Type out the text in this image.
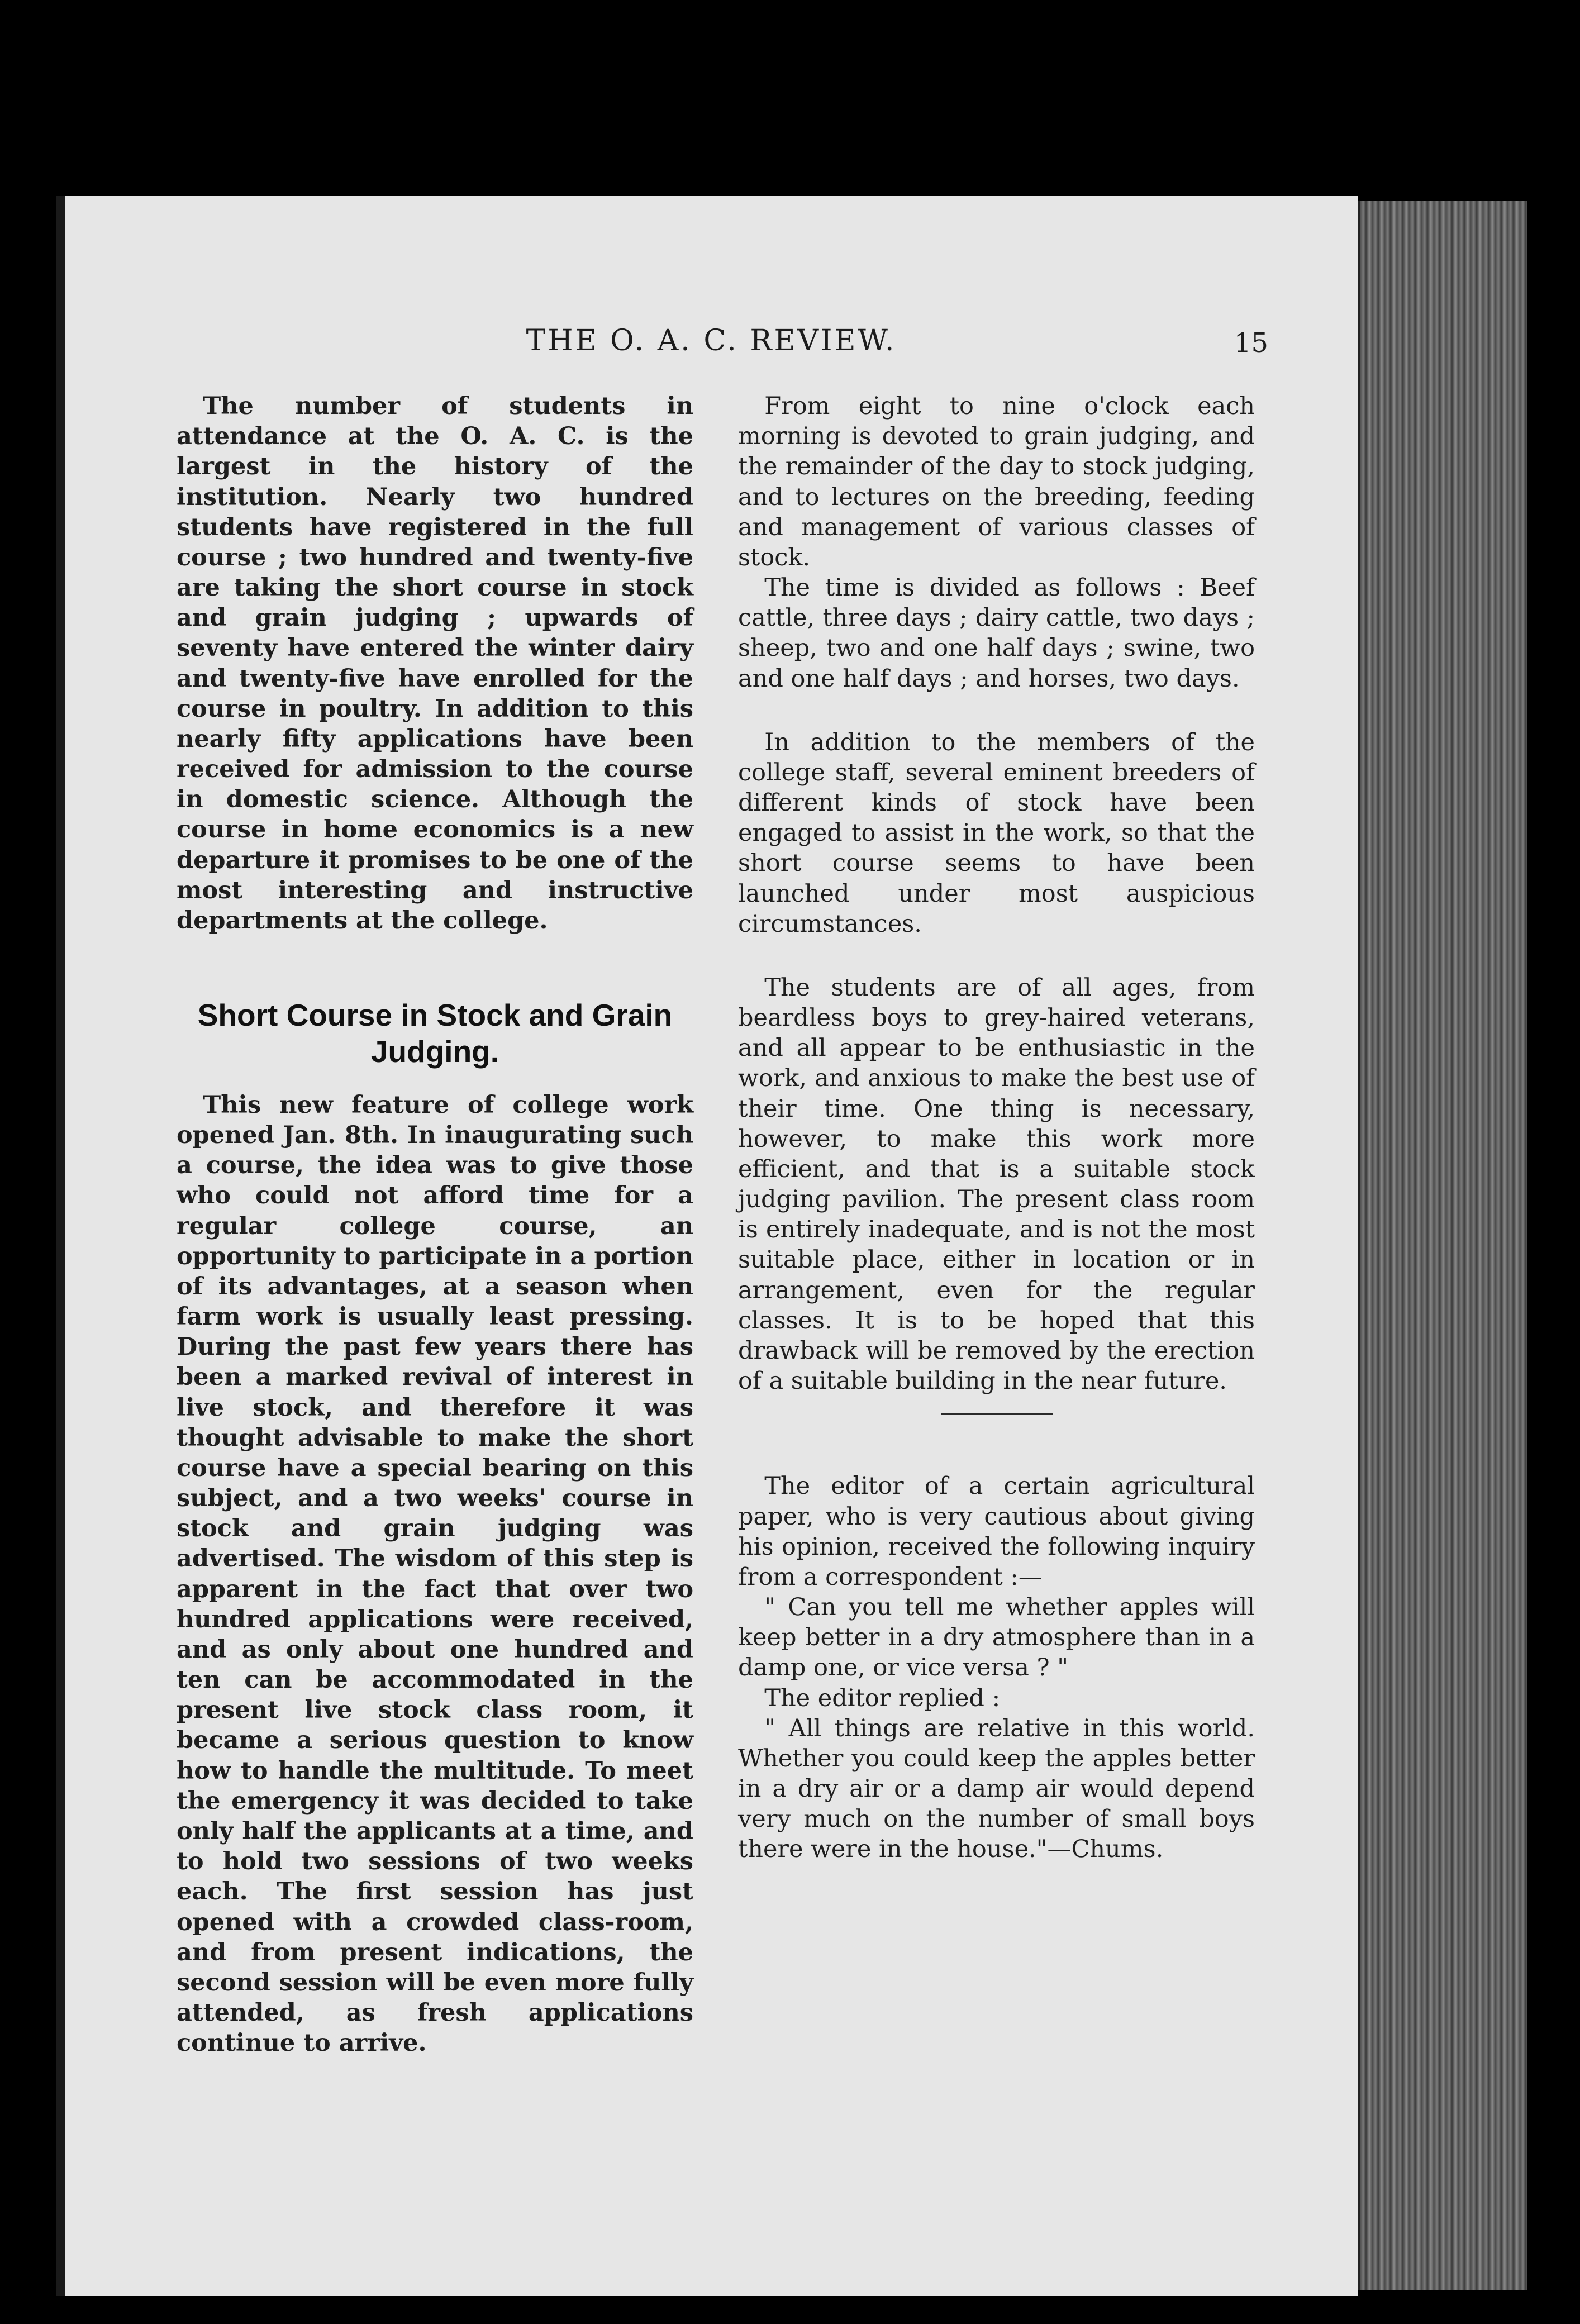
THE O. A. C. REVIEW.	15

The number of students in attendance at the O. A. C. is the largest in the history of the institution. Nearly two hundred students have registered in the full course ; two hundred and twenty-five are taking the short course in stock and grain judging ; upwards of seventy have entered the winter dairy and twenty-five have enrolled for the course in poultry. In addition to this nearly fifty applications have been received for admission to the course in domestic science. Although the course in home economics is a new departure it promises to be one of the most interesting and instructive departments at the college.

Short Course in Stock and Grain Judging.

This new feature of college work opened Jan. 8th. In inaugurating such a course, the idea was to give those who could not afford time for a regular college course, an opportunity to participate in a portion of its advantages, at a season when farm work is usually least pressing. During the past few years there has been a marked revival of interest in live stock, and therefore it was thought advisable to make the short course have a special bearing on this subject, and a two weeks' course in stock and grain judging was advertised. The wisdom of this step is apparent in the fact that over two hundred applications were received, and as only about one hundred and ten can be accommodated in the present live stock class room, it became a serious question to know how to handle the multitude. To meet the emergency it was decided to take only half the applicants at a time, and to hold two sessions of two weeks each. The first session has just opened with a crowded class-room, and from present indications, the second session will be even more fully attended, as fresh applications continue to arrive.

From eight to nine o'clock each morning is devoted to grain judging, and the remainder of the day to stock judging, and to lectures on the breeding, feeding and management of various classes of stock.

The time is divided as follows : Beef cattle, three days ; dairy cattle, two days ; sheep, two and one half days ; swine, two and one half days ; and horses, two days.

In addition to the members of the college staff, several eminent breeders of different kinds of stock have been engaged to assist in the work, so that the short course seems to have been launched under most auspicious circumstances.

The students are of all ages, from beardless boys to grey-haired veterans, and all appear to be enthusiastic in the work, and anxious to make the best use of their time. One thing is necessary, however, to make this work more efficient, and that is a suitable stock judging pavilion. The present class room is entirely inadequate, and is not the most suitable place, either in location or in arrangement, even for the regular classes. It is to be hoped that this drawback will be removed by the erection of a suitable building in the near future.

The editor of a certain agricultural paper, who is very cautious about giving his opinion, received the following inquiry from a correspondent :—

" Can you tell me whether apples will keep better in a dry atmosphere than in a damp one, or vice versa ? "

The editor replied :

" All things are relative in this world. Whether you could keep the apples better in a dry air or a damp air would depend very much on the number of small boys there were in the house."—Chums.
